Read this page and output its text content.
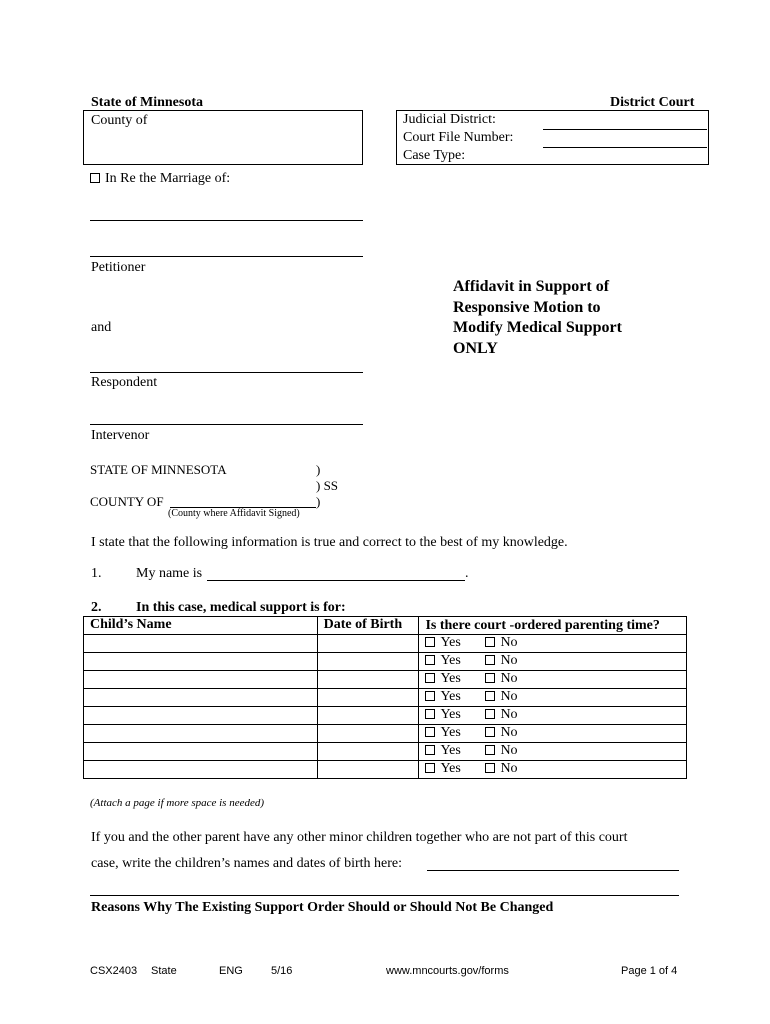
State of Minnesota	District Court
County of	Judicial District:
Court File Number:
Case Type:
In Re the Marriage of:
Petitioner
and
Respondent
Intervenor
Affidavit in Support of
Responsive Motion to
Modify Medical Support
ONLY
STATE OF MINNESOTA	)
) SS
COUNTY OF	)
(County where Affidavit Signed)
I state that the following information is true and correct to the best of my knowledge.
1. My name is	.
2. In this case, medical support is for:
Child’s Name	Date of Birth	Is there court -ordered parenting time?
		Yes No
		Yes No
		Yes No
		Yes No
		Yes No
		Yes No
		Yes No
		Yes No
(Attach a page if more space is needed)
If you and the other parent have any other minor children together who are not part of this court
case, write the children’s names and dates of birth here:
Reasons Why The Existing Support Order Should or Should Not Be Changed
CSX2403 State	ENG	5/16	www.mncourts.gov/forms	Page 1 of 4
